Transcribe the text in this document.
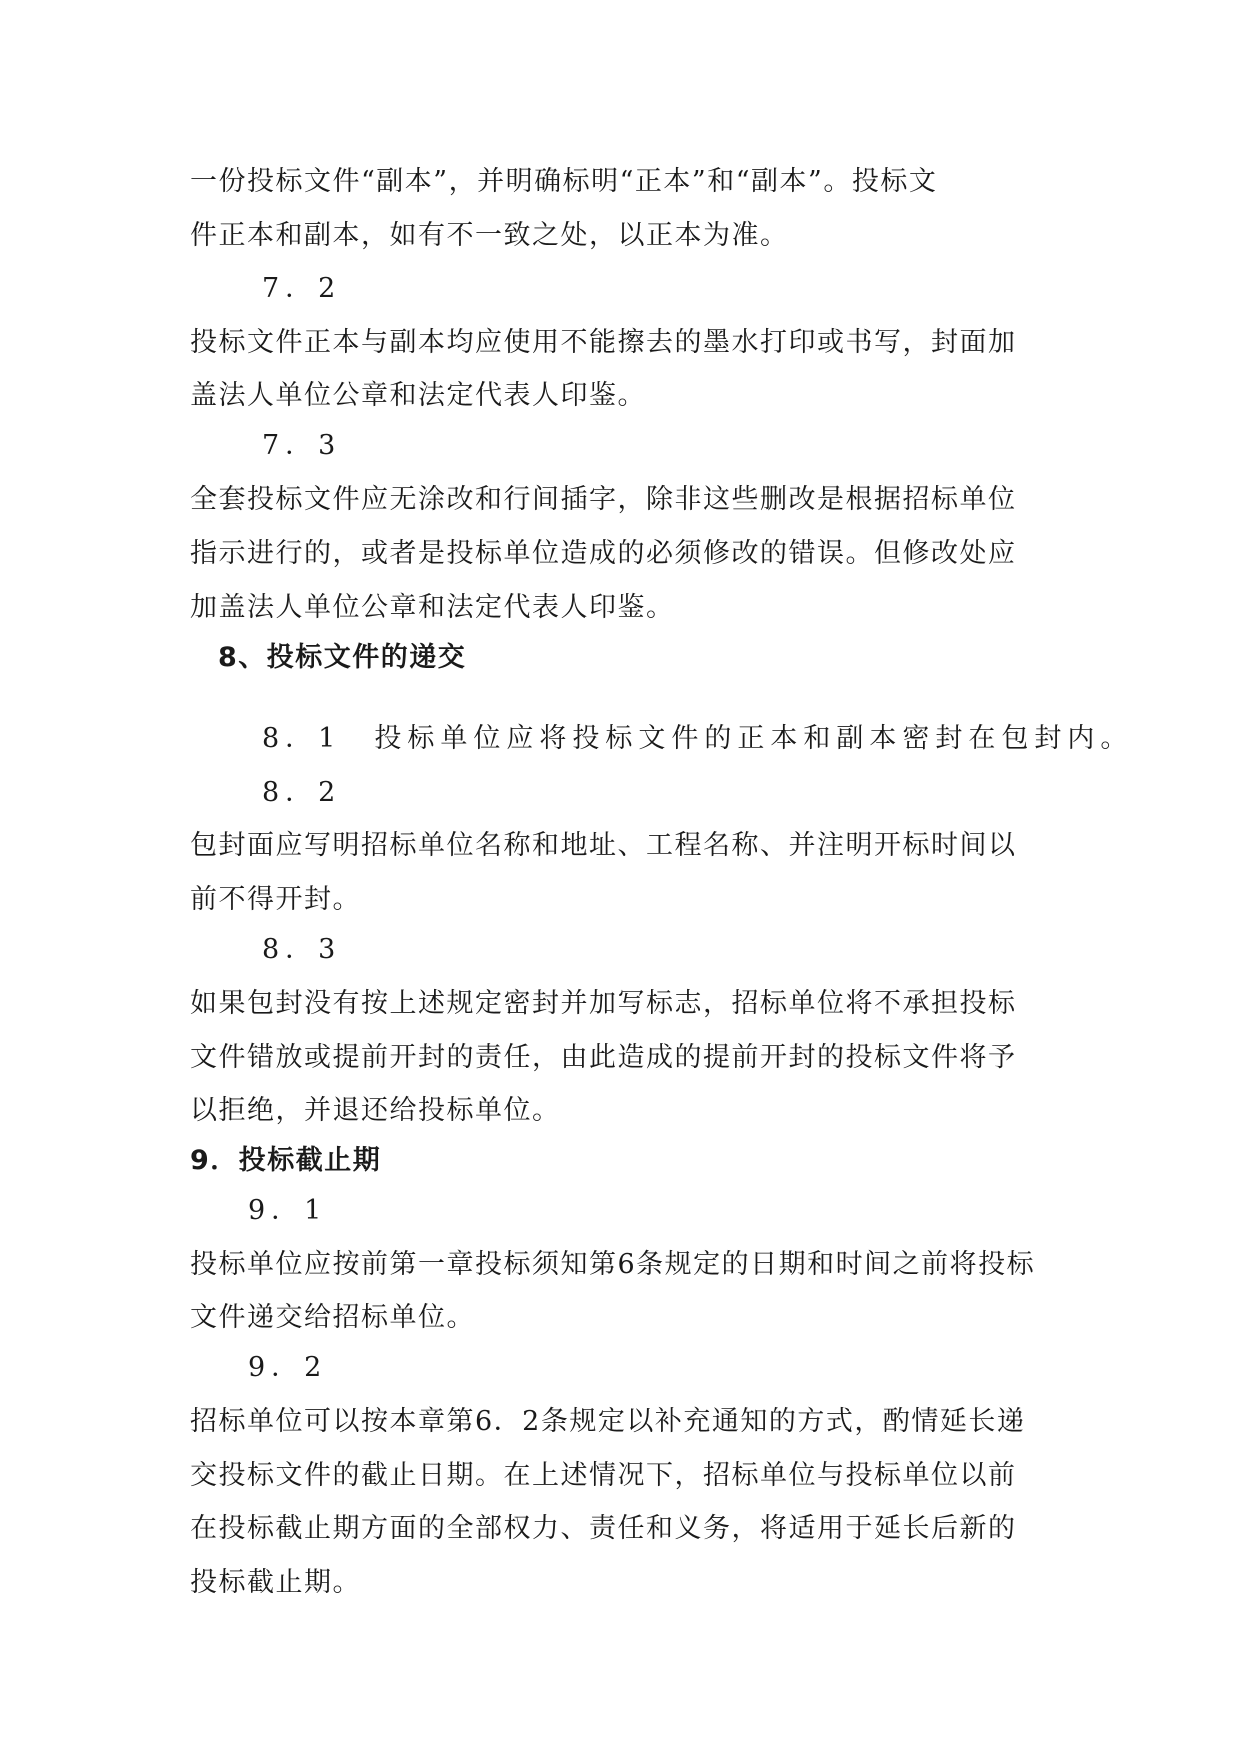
一份投标文件“副本”，并明确标明“正本”和“副本”。投标文
件正本和副本，如有不一致之处，以正本为准。
7．2
投标文件正本与副本均应使用不能擦去的墨水打印或书写，封面加
盖法人单位公章和法定代表人印鉴。
7．3
全套投标文件应无涂改和行间插字，除非这些删改是根据招标单位
指示进行的，或者是投标单位造成的必须修改的错误。但修改处应
加盖法人单位公章和法定代表人印鉴。
8、投标文件的递交
8．1　投标单位应将投标文件的正本和副本密封在包封内。
8．2
包封面应写明招标单位名称和地址、工程名称、并注明开标时间以
前不得开封。
8．3
如果包封没有按上述规定密封并加写标志，招标单位将不承担投标
文件错放或提前开封的责任，由此造成的提前开封的投标文件将予
以拒绝，并退还给投标单位。
9．投标截止期
9．1
投标单位应按前第一章投标须知第6条规定的日期和时间之前将投标
文件递交给招标单位。
9．2
招标单位可以按本章第6．2条规定以补充通知的方式，酌情延长递
交投标文件的截止日期。在上述情况下，招标单位与投标单位以前
在投标截止期方面的全部权力、责任和义务，将适用于延长后新的
投标截止期。
